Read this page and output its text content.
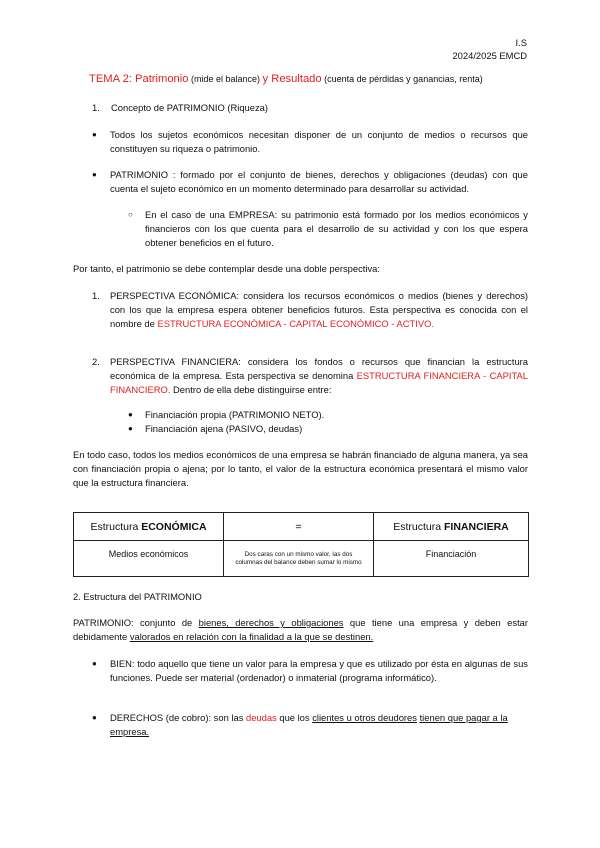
I.S
2024/2025 EMCD
TEMA 2: Patrimonio (mide el balance) y Resultado (cuenta de pérdidas y ganancias, renta)
1. Concepto de PATRIMONIO (Riqueza)
●	Todos los sujetos económicos necesitan disponer de un conjunto de medios o recursos que constituyen su riqueza o patrimonio.

●	PATRIMONIO : formado por el conjunto de bienes, derechos y obligaciones (deudas) con que cuenta el sujeto económico en un momento determinado para desarrollar su actividad.

○	En el caso de una EMPRESA: su patrimonio está formado por los medios económicos y financieros con los que cuenta para el desarrollo de su actividad y con los que espera obtener beneficios en el futuro.

Por tanto, el patrimonio se debe contemplar desde una doble perspectiva:

1. PERSPECTIVA ECONÓMICA: considera los recursos económicos o medios (bienes y derechos) con los que la empresa espera obtener beneficios futuros. Esta perspectiva es conocida con el nombre de ESTRUCTURA ECONÓMICA - CAPITAL ECONÓMICO - ACTIVO.

2. PERSPECTIVA FINANCIERA: considera los fondos o recursos que financian la estructura económica de la empresa. Esta perspectiva se denomina ESTRUCTURA FINANCIERA - CAPITAL FINANCIERO. Dentro de ella debe distinguirse entre:

●	Financiación propia (PATRIMONIO NETO).
●	Financiación ajena (PASIVO, deudas)

En todo caso, todos los medios económicos de una empresa se habrán financiado de alguna manera, ya sea con financiación propia o ajena; por lo tanto, el valor de la estructura económica presentará el mismo valor que la estructura financiera.

Estructura ECONÓMICA	=	Estructura FINANCIERA
Medios económicos	Dos caras con un mismo valor, las dos columnas del balance deben sumar lo mismo	Financiación
2. Estructura del PATRIMONIO

PATRIMONIO: conjunto de bienes, derechos y obligaciones que tiene una empresa y deben estar debidamente valorados en relación con la finalidad a la que se destinen.

●	BIEN: todo aquello que tiene un valor para la empresa y que es utilizado por ésta en algunas de sus funciones. Puede ser material (ordenador) o inmaterial (programa informático).

●	DERECHOS (de cobro): son las deudas que los clientes u otros deudores tienen que pagar a la empresa.
